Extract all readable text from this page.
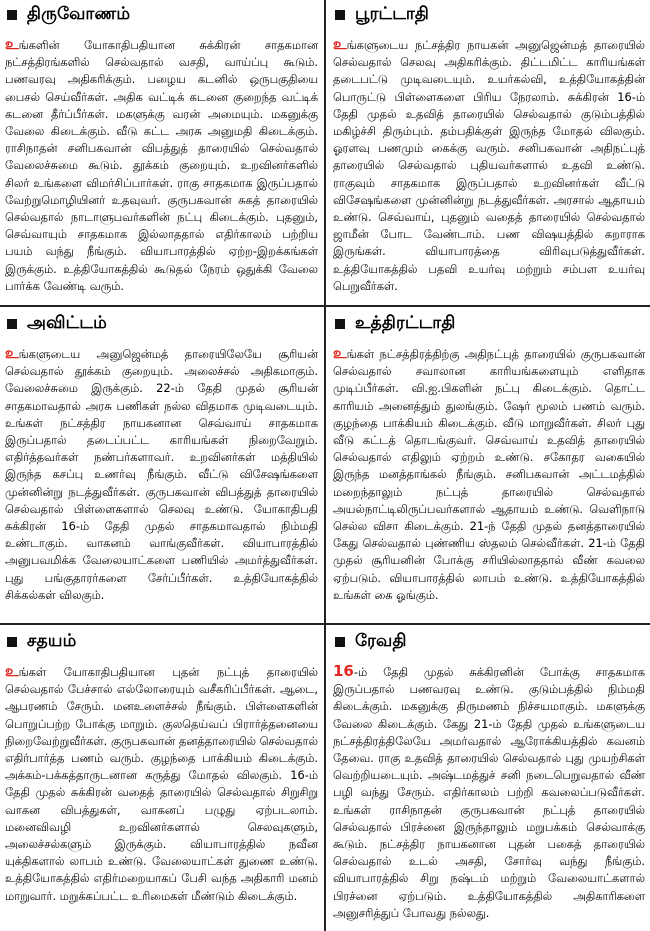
திருவோணம்

உங்களின் யோகாதிபதியான சுக்கிரன் சாதகமான நட்சத்திரங்களில் செல்வதால் வசதி, வாய்ப்பு கூடும். பணவரவு அதிகரிக்கும். பழைய கடனில் ஒருபகுதியை பைசல் செய்வீர்கள். அதிக வட்டிக் கடனை குறைந்த வட்டிக் கடனை தீர்ப்பீர்கள். மகளுக்கு வரன் அமையும். மகனுக்கு வேலை கிடைக்கும். வீடு கட்ட அரசு அனுமதி கிடைக்கும். ராசிநாதன் சனிபகவான் விபத்துத் தாரையில் செல்வதால் வேலைச்சுமை கூடும். தூக்கம் குறையும். உறவினர்களில் சிலர் உங்களை விமர்சிப்பார்கள். ராகு சாதகமாக இருப்பதால் வேற்றுமொழியினர் உதவுவர். குருபகவான் சுகத் தாரையில் செல்வதால் நாடாளுபவர்களின் நட்பு கிடைக்கும். புதனும், செவ்வாயும் சாதகமாக இல்லாததால் எதிர்காலம் பற்றிய பயம் வந்து நீங்கும். வியாபாரத்தில் ஏற்ற-இறக்கங்கள் இருக்கும். உத்தியோகத்தில் கூடுதல் நேரம் ஒதுக்கி வேலை பார்க்க வேண்டி வரும்.

பூரட்டாதி

உங்களுடைய நட்சத்திர நாயகன் அனுஜென்மத் தாரையில் செல்வதால் செலவு அதிகரிக்கும். திட்டமிட்ட காரியங்கள் தடைபட்டு முடிவடையும். உயர்கல்வி, உத்தியோகத்தின் பொருட்டு பிள்ளைகளை பிரிய நேரலாம். சுக்கிரன் 16-ம் தேதி முதல் உதவித் தாரையில் செல்வதால் குடும்பத்தில் மகிழ்ச்சி திரும்பும். தம்பதிக்குள் இருந்த மோதல் விலகும். ஓரளவு பணமும் கைக்கு வரும். சனிபகவான் அதிநட்புத் தாரையில் செல்வதால் புதியவர்களால் உதவி உண்டு. ராகுவும் சாதகமாக இருப்பதால் உறவினர்கள் வீட்டு விசேஷங்களை முன்னின்று நடத்துவீர்கள். அரசால் ஆதாயம் உண்டு. செவ்வாய், புதனும் வதைத் தாரையில் செல்வதால் ஜாமீன் போட வேண்டாம். பண விஷயத்தில் கறாராக இருங்கள். வியாபாரத்தை விரிவுபடுத்துவீர்கள். உத்தியோகத்தில் பதவி உயர்வு மற்றும் சம்பள உயர்வு பெறுவீர்கள்.

அவிட்டம்

உங்களுடைய அனுஜென்மத் தாரையிலேயே சூரியன் செல்வதால் தூக்கம் குறையும். அலைச்சல் அதிகமாகும். வேலைச்சுமை இருக்கும். 22-ம் தேதி முதல் சூரியன் சாதகமாவதால் அரசு பணிகள் நல்ல விதமாக முடிவடையும். உங்கள் நட்சத்திர நாயகனான செவ்வாய் சாதகமாக இருப்பதால் தடைப்பட்ட காரியங்கள் நிறைவேறும். எதிர்த்தவர்கள் நண்பர்களாவர். உறவினர்கள் மத்தியில் இருந்த கசப்பு உணர்வு நீங்கும். வீட்டு விசேஷங்களை முன்னின்று நடத்துவீர்கள். குருபகவான் விபத்துத் தாரையில் செல்வதால் பிள்ளைகளால் செலவு உண்டு. யோகாதிபதி சுக்கிரன் 16-ம் தேதி முதல் சாதகமாவதால் நிம்மதி உண்டாகும். வாகனம் வாங்குவீர்கள். வியாபாரத்தில் அனுபவமிக்க வேலையாட்களை பணியில் அமர்த்துவீர்கள். புது பங்குதாரர்களை சேர்ப்பீர்கள். உத்தியோகத்தில் சிக்கல்கள் விலகும்.

உத்திரட்டாதி

உங்கள் நட்சத்திரத்திற்கு அதிநட்புத் தாரையில் குருபகவான் செல்வதால் சவாலான காரியங்களையும் எளிதாக முடிப்பீர்கள். வி.ஐ.பிகளின் நட்பு கிடைக்கும். தொட்ட காரியம் அனைத்தும் துலங்கும். ஷேர் மூலம் பணம் வரும். குழந்தை பாக்கியம் கிடைக்கும். வீடு மாறுவீர்கள். சிலர் புது வீடு கட்டத் தொடங்குவர். செவ்வாய் உதவித் தாரையில் செல்வதால் எதிலும் ஏற்றம் உண்டு. சகோதர வகையில் இருந்த மனத்தாங்கல் நீங்கும். சனிபகவான் அட்டமத்தில் மறைந்தாலும் நட்புத் தாரையில் செல்வதால் அயல்நாட்டிலிருப்பவர்களால் ஆதாயம் உண்டு. வெளிநாடு செல்ல விசா கிடைக்கும். 21-ந் தேதி முதல் தனத்தாரையில் கேது செல்வதால் புண்ணிய ஸ்தலம் செல்வீர்கள். 21-ம் தேதி முதல் சூரியனின் போக்கு சரியில்லாததால் வீண் கவலை ஏற்படும். வியாபாரத்தில் லாபம் உண்டு. உத்தியோகத்தில் உங்கள் கை ஓங்கும்.

சதயம்

உங்கள் யோகாதிபதியான புதன் நட்புத் தாரையில் செல்வதால் பேச்சால் எல்லோரையும் வசீகரிப்பீர்கள். ஆடை, ஆபரணம் சேரும். மனஉளைச்சல் நீங்கும். பிள்ளைகளின் பொறுப்பற்ற போக்கு மாறும். குலதெய்வப் பிரார்த்தனையை நிறைவேற்றுவீர்கள். குருபகவான் தனத்தாரையில் செல்வதால் எதிர்பார்த்த பணம் வரும். குழந்தை பாக்கியம் கிடைக்கும். அக்கம்-பக்கத்தாருடனான கருத்து மோதல் விலகும். 16-ம் தேதி முதல் சுக்கிரன் வதைத் தாரையில் செல்வதால் சிறுசிறு வாகன விபத்துகள், வாகனப் பழுது ஏற்படலாம். மனைவிவழி உறவினர்களால் செலவுகளும், அலைச்சல்களும் இருக்கும். வியாபாரத்தில் நவீன யுக்திகளால் லாபம் உண்டு. வேலையாட்கள் துணை உண்டு. உத்தியோகத்தில் எதிர்மறையாகப் பேசி வந்த அதிகாரி மனம் மாறுவார். மறுக்கப்பட்ட உரிமைகள் மீண்டும் கிடைக்கும்.

ரேவதி

16-ம் தேதி முதல் சுக்கிரனின் போக்கு சாதகமாக இருப்பதால் பணவரவு உண்டு. குடும்பத்தில் நிம்மதி கிடைக்கும். மகனுக்கு திருமணம் நிச்சயமாகும். மகளுக்கு வேலை கிடைக்கும். கேது 21-ம் தேதி முதல் உங்களுடைய நட்சத்திரத்திலேயே அமர்வதால் ஆரோக்கியத்தில் கவனம் தேவை. ராகு உதவித் தாரையில் செல்வதால் புது முயற்சிகள் வெற்றியடையும். அஷ்டமத்துச் சனி நடைபெறுவதால் வீண் பழி வந்து சேரும். எதிர்காலம் பற்றி கவலைப்படுவீர்கள். உங்கள் ராசிநாதன் குருபகவான் நட்புத் தாரையில் செல்வதால் பிரச்னை இருந்தாலும் மறுபக்கம் செல்வாக்கு கூடும். நட்சத்திர நாயகனான புதன் பகைத் தாரையில் செல்வதால் உடல் அசதி, சோர்வு வந்து நீங்கும். வியாபாரத்தில் சிறு நஷ்டம் மற்றும் வேலையாட்களால் பிரச்னை ஏற்படும். உத்தியோகத்தில் அதிகாரிகளை அனுசரித்துப் போவது நல்லது.
